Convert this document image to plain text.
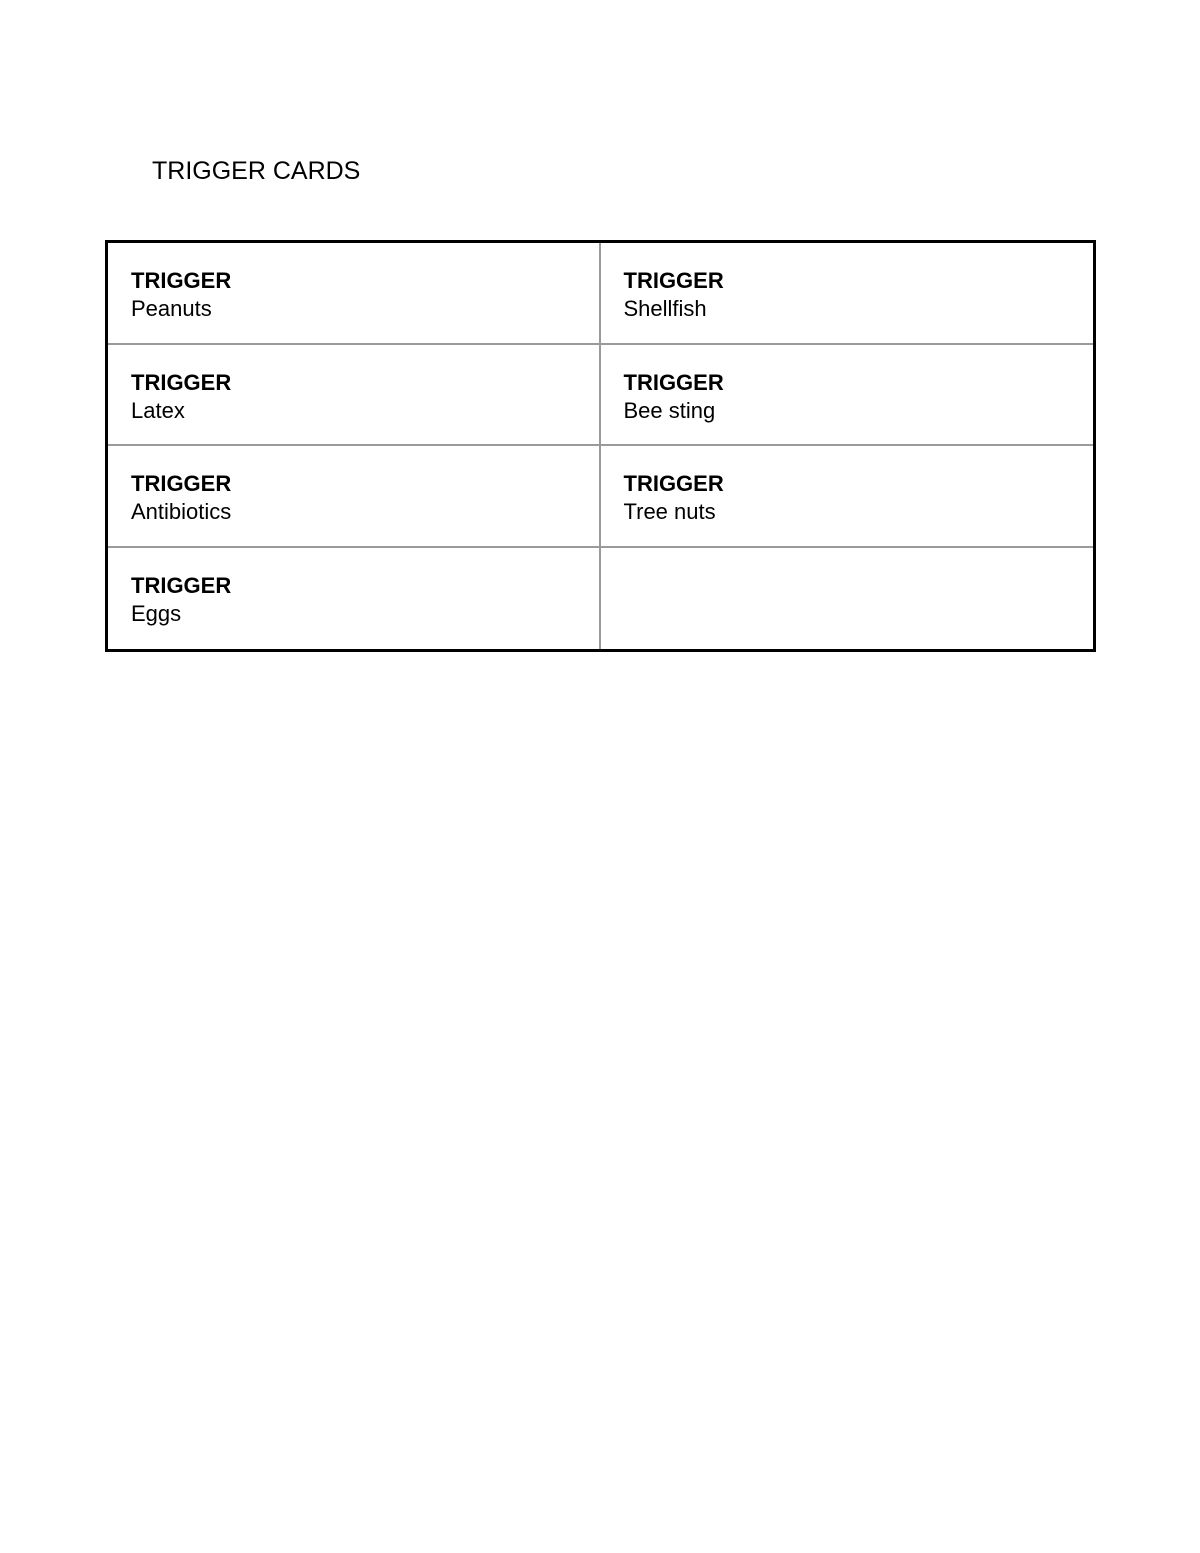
TRIGGER CARDS
TRIGGER
Peanuts
TRIGGER
Shellfish
TRIGGER
Latex
TRIGGER
Bee sting
TRIGGER
Antibiotics
TRIGGER
Tree nuts
TRIGGER
Eggs
